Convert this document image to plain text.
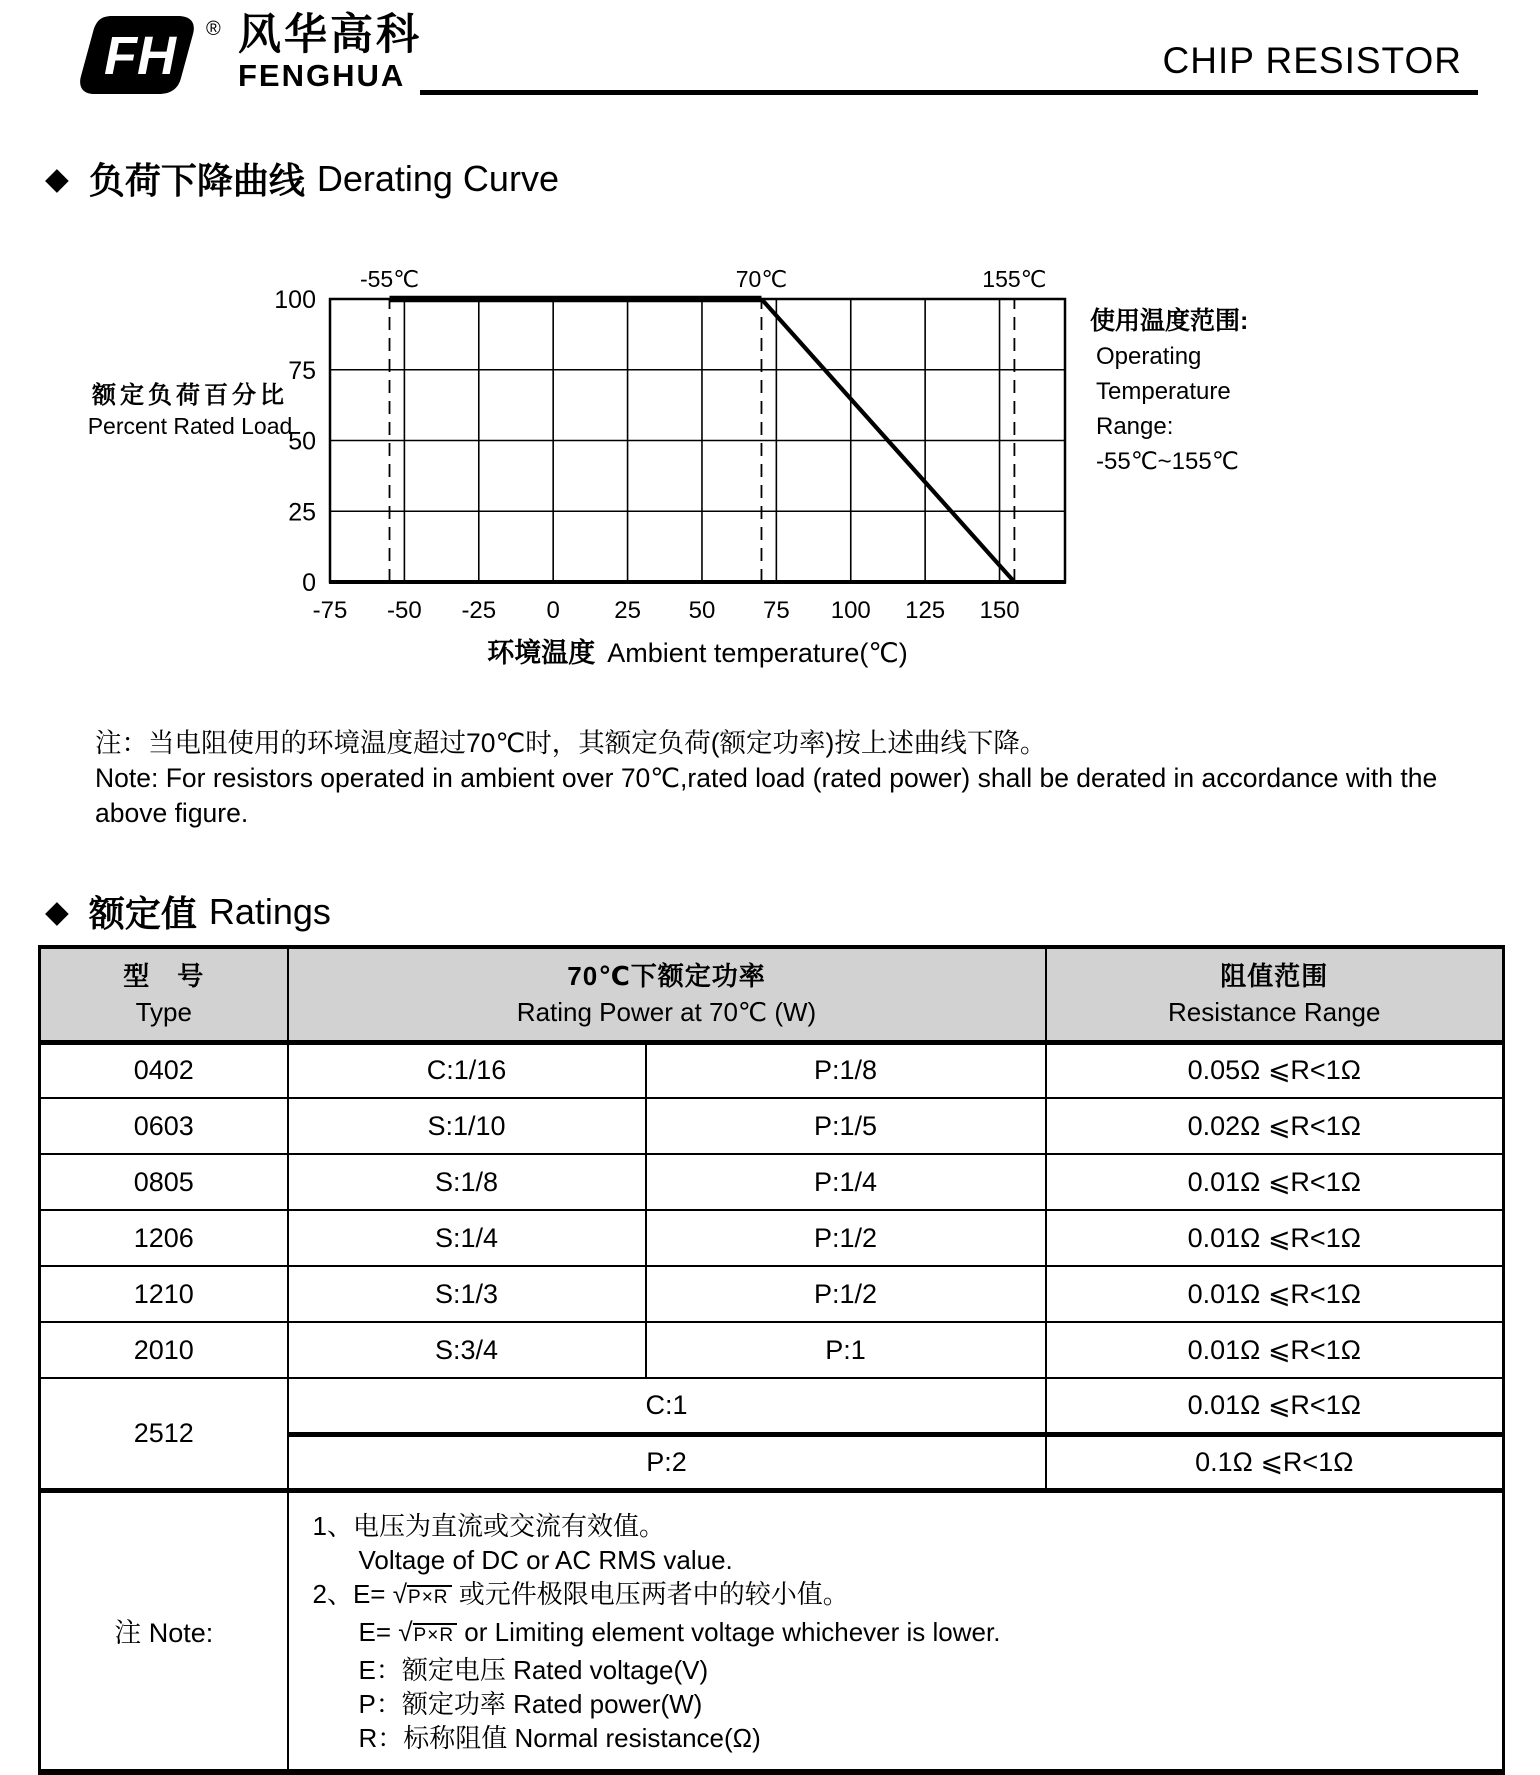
FH ® 风华高科
FENGHUA	CHIP RESISTOR
◆ 负荷下降曲线 Derating Curve
额定负荷百分比
Percent Rated Load
-55℃	70℃	155℃
-75 -50 -25 0 25 50 75 100 125 150
0
25
50
75
100
环境温度 Ambient temperature(℃)
使用温度范围:
Operating
Temperature
Range:
-55℃~155℃
注：当电阻使用的环境温度超过70℃时，其额定负荷(额定功率)按上述曲线下降。
Note: For resistors operated in ambient over 70℃,rated load (rated power) shall be derated in accordance with the above figure.
◆ 额定值 Ratings
型　号
Type

70℃下额定功率
Rating Power at 70℃ (W)

阻值范围
Resistance Range

0402	C:1/16	P:1/8	0.05Ω ⩽R<1Ω
0603	S:1/10	P:1/5	0.02Ω ⩽R<1Ω
0805	S:1/8	P:1/4	0.01Ω ⩽R<1Ω
1206	S:1/4	P:1/2	0.01Ω ⩽R<1Ω
1210	S:1/3	P:1/2	0.01Ω ⩽R<1Ω
2010	S:3/4	P:1	0.01Ω ⩽R<1Ω
2512	C:1		0.01Ω ⩽R<1Ω
	P:2		0.1Ω ⩽R<1Ω
注 Note:	
1、电压为直流或交流有效值。
Voltage of DC or AC RMS value.
2、E= √P×R 或元件极限电压两者中的较小值。
E= √P×R or Limiting element voltage whichever is lower.
E：额定电压 Rated voltage(V)
P：额定功率 Rated power(W)
R：标称阻值 Normal resistance(Ω)
